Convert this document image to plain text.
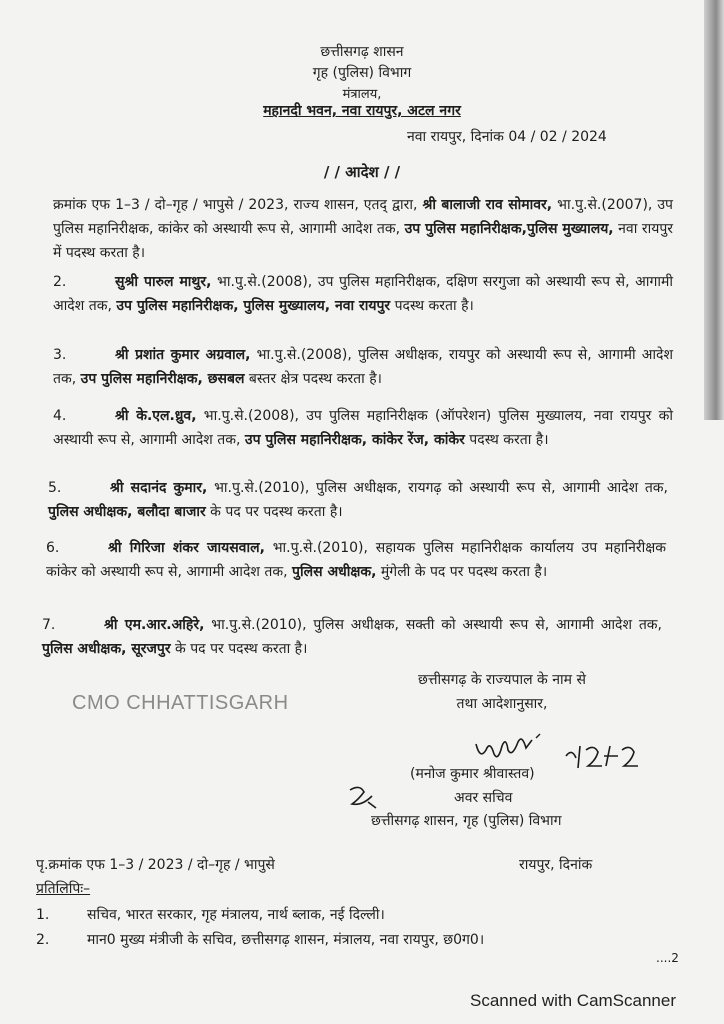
छत्तीसगढ़ शासन
गृह (पुलिस) विभाग
मंत्रालय,
महानदी भवन, नवा रायपुर, अटल नगर
नवा रायपुर, दिनांक 04 / 02 / 2024
/ / आदेश / /
क्रमांक एफ 1–3 / दो–गृह / भापुसे / 2023, राज्य शासन, एतद् द्वारा, श्री बालाजी राव सोमावर, भा.पु.से.(2007), उप पुलिस महानिरीक्षक, कांकेर को अस्थायी रूप से, आगामी आदेश तक, उप पुलिस महानिरीक्षक,पुलिस मुख्यालय, नवा रायपुर में पदस्थ करता है।
2.	सुश्री पारुल माथुर, भा.पु.से.(2008), उप पुलिस महानिरीक्षक, दक्षिण सरगुजा को अस्थायी रूप से, आगामी आदेश तक, उप पुलिस महानिरीक्षक, पुलिस मुख्यालय, नवा रायपुर पदस्थ करता है।
3.	श्री प्रशांत कुमार अग्रवाल, भा.पु.से.(2008), पुलिस अधीक्षक, रायपुर को अस्थायी रूप से, आगामी आदेश तक, उप पुलिस महानिरीक्षक, छसबल बस्तर क्षेत्र पदस्थ करता है।
4.	श्री के.एल.ध्रुव, भा.पु.से.(2008), उप पुलिस महानिरीक्षक (ऑपरेशन) पुलिस मुख्यालय, नवा रायपुर को अस्थायी रूप से, आगामी आदेश तक, उप पुलिस महानिरीक्षक, कांकेर रेंज, कांकेर पदस्थ करता है।
5.	श्री सदानंद कुमार, भा.पु.से.(2010), पुलिस अधीक्षक, रायगढ़ को अस्थायी रूप से, आगामी आदेश तक, पुलिस अधीक्षक, बलौदा बाजार के पद पर पदस्थ करता है।
6.	श्री गिरिजा शंकर जायसवाल, भा.पु.से.(2010), सहायक पुलिस महानिरीक्षक कार्यालय उप महानिरीक्षक कांकेर को अस्थायी रूप से, आगामी आदेश तक, पुलिस अधीक्षक, मुंगेली के पद पर पदस्थ करता है।
7.	श्री एम.आर.अहिरे, भा.पु.से.(2010), पुलिस अधीक्षक, सक्ती को अस्थायी रूप से, आगामी आदेश तक, पुलिस अधीक्षक, सूरजपुर के पद पर पदस्थ करता है।
CMO CHHATTISGARH
छत्तीसगढ़ के राज्यपाल के नाम से
तथा आदेशानुसार,
(मनोज कुमार श्रीवास्तव)
अवर सचिव
छत्तीसगढ़ शासन, गृह (पुलिस) विभाग
पृ.क्रमांक एफ 1–3 / 2023 / दो–गृह / भापुसे	रायपुर, दिनांक
प्रतिलिपिः–
1.	सचिव, भारत सरकार, गृह मंत्रालय, नार्थ ब्लाक, नई दिल्ली।
2.	मान0 मुख्य मंत्रीजी के सचिव, छत्तीसगढ़ शासन, मंत्रालय, नवा रायपुर, छ0ग0।
....2
Scanned with CamScanner
